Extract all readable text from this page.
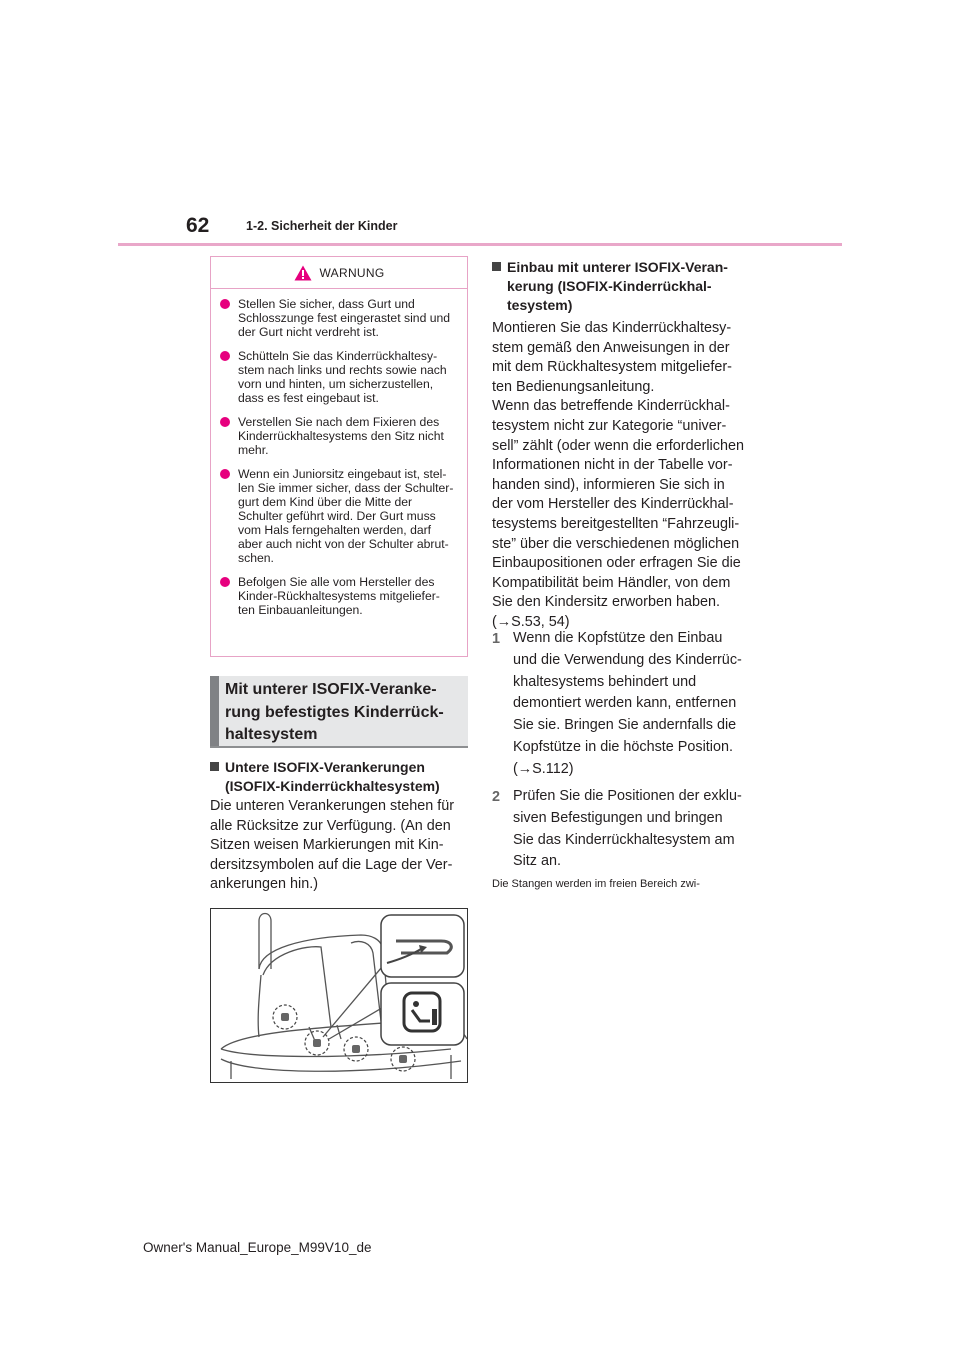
62	1-2. Sicherheit der Kinder
WARNUNG
Stellen Sie sicher, dass Gurt und
Schlosszunge fest eingerastet sind und
der Gurt nicht verdreht ist.
Schütteln Sie das Kinderrückhaltesy-
stem nach links und rechts sowie nach
vorn und hinten, um sicherzustellen,
dass es fest eingebaut ist.
Verstellen Sie nach dem Fixieren des
Kinderrückhaltesystems den Sitz nicht
mehr.
Wenn ein Juniorsitz eingebaut ist, stel-
len Sie immer sicher, dass der Schulter-
gurt dem Kind über die Mitte der
Schulter geführt wird. Der Gurt muss
vom Hals ferngehalten werden, darf
aber auch nicht von der Schulter abrut-
schen.
Befolgen Sie alle vom Hersteller des
Kinder-Rückhaltesystems mitgeliefer-
ten Einbauanleitungen.
Mit unterer ISOFIX-Veranke-
rung befestigtes Kinderrück-
haltesystem
Untere ISOFIX-Verankerungen
(ISOFIX-Kinderrückhaltesystem)
Die unteren Verankerungen stehen für
alle Rücksitze zur Verfügung. (An den
Sitzen weisen Markierungen mit Kin-
dersitzsymbolen auf die Lage der Ver-
ankerungen hin.)
Einbau mit unterer ISOFIX-Veran-
kerung (ISOFIX-Kinderrückhal-
tesystem)
Montieren Sie das Kinderrückhaltesy-
stem gemäß den Anweisungen in der
mit dem Rückhaltesystem mitgeliefer-
ten Bedienungsanleitung.
Wenn das betreffende Kinderrückhal-
tesystem nicht zur Kategorie “univer-
sell” zählt (oder wenn die erforderlichen
Informationen nicht in der Tabelle vor-
handen sind), informieren Sie sich in
der vom Hersteller des Kinderrückhal-
tesystems bereitgestellten “Fahrzeugli-
ste” über die verschiedenen möglichen
Einbaupositionen oder erfragen Sie die
Kompatibilität beim Händler, von dem
Sie den Kindersitz erworben haben.
(→S.53, 54)
1 Wenn die Kopfstütze den Einbau
und die Verwendung des Kinderrüc-
khaltesystems behindert und
demontiert werden kann, entfernen
Sie sie. Bringen Sie andernfalls die
Kopfstütze in die höchste Position.
(→S.112)
2 Prüfen Sie die Positionen der exklu-
siven Befestigungen und bringen
Sie das Kinderrückhaltesystem am
Sitz an.
Die Stangen werden im freien Bereich zwi-
Owner's Manual_Europe_M99V10_de
